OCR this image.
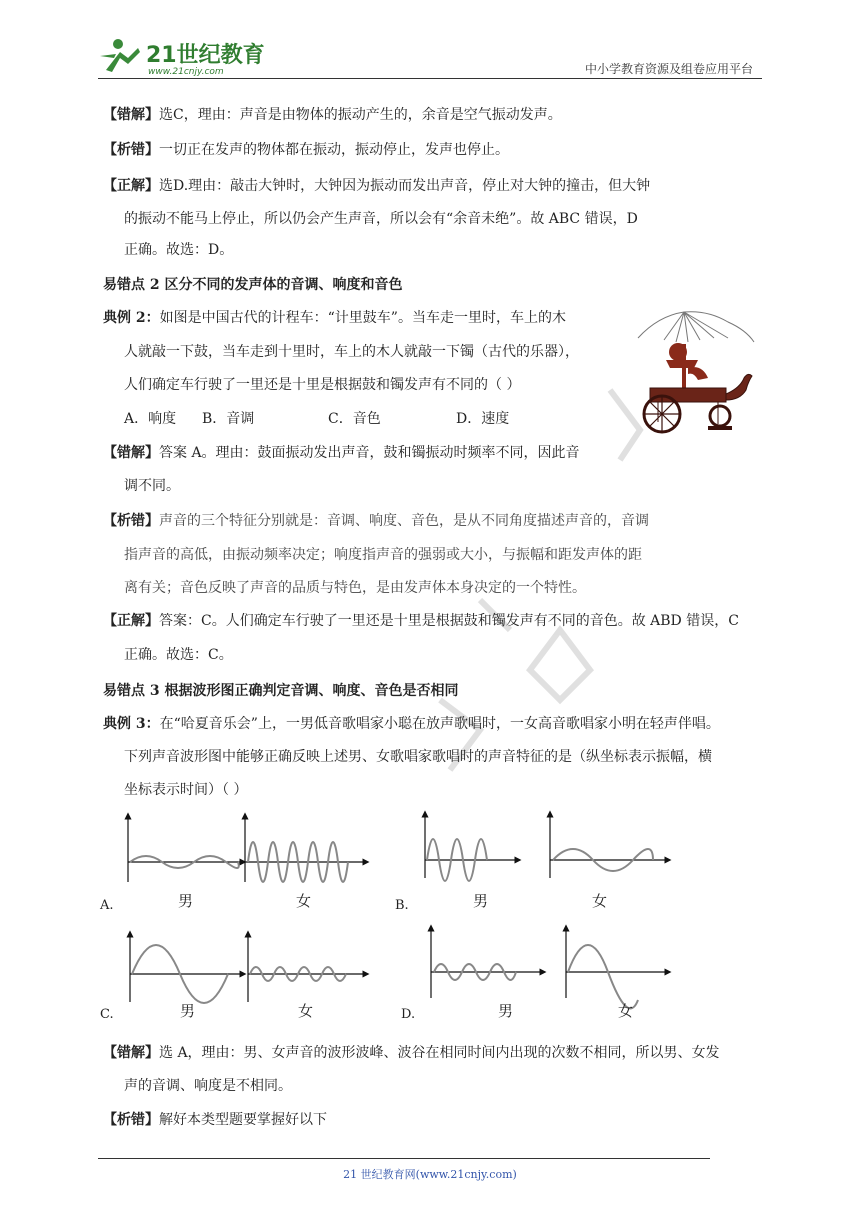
21世纪教育
www.21cnjy.com	中小学教育资源及组卷应用平台
【错解】选C，理由：声音是由物体的振动产生的，余音是空气振动发声。
【析错】一切正在发声的物体都在振动，振动停止，发声也停止。
【正解】选D.理由：敲击大钟时，大钟因为振动而发出声音，停止对大钟的撞击，但大钟
的振动不能马上停止，所以仍会产生声音，所以会有“余音未绝”。故 ABC 错误，D
正确。故选：D。
易错点 2 区分不同的发声体的音调、响度和音色
典例 2：如图是中国古代的计程车：“计里鼓车”。当车走一里时，车上的木
人就敲一下鼓，当车走到十里时，车上的木人就敲一下镯（古代的乐器），
人们确定车行驶了一里还是十里是根据鼓和镯发声有不同的（ ）
A．响度 B．音调	C．音色	D．速度
【错解】答案 A。理由：鼓面振动发出声音，鼓和镯振动时频率不同，因此音
调不同。
【析错】声音的三个特征分别就是：音调、响度、音色，是从不同角度描述声音的，音调
指声音的高低，由振动频率决定；响度指声音的强弱或大小，与振幅和距发声体的距
离有关；音色反映了声音的品质与特色，是由发声体本身决定的一个特性。
【正解】答案：C。人们确定车行驶了一里还是十里是根据鼓和镯发声有不同的音色。故 ABD 错误，C
正确。故选：C。
易错点 3 根据波形图正确判定音调、响度、音色是否相同
典例 3：在“哈夏音乐会”上，一男低音歌唱家小聪在放声歌唱时，一女高音歌唱家小明在轻声伴唱。
下列声音波形图中能够正确反映上述男、女歌唱家歌唱时的声音特征的是（纵坐标表示振幅，横
坐标表示时间）（ ）
A.	男	女	B.	男	女
C.	男	女	D.	男	女
【错解】选 A，理由：男、女声音的波形波峰、波谷在相同时间内出现的次数不相同，所以男、女发
声的音调、响度是不相同。
【析错】解好本类型题要掌握好以下
21 世纪教育网(www.21cnjy.com)
